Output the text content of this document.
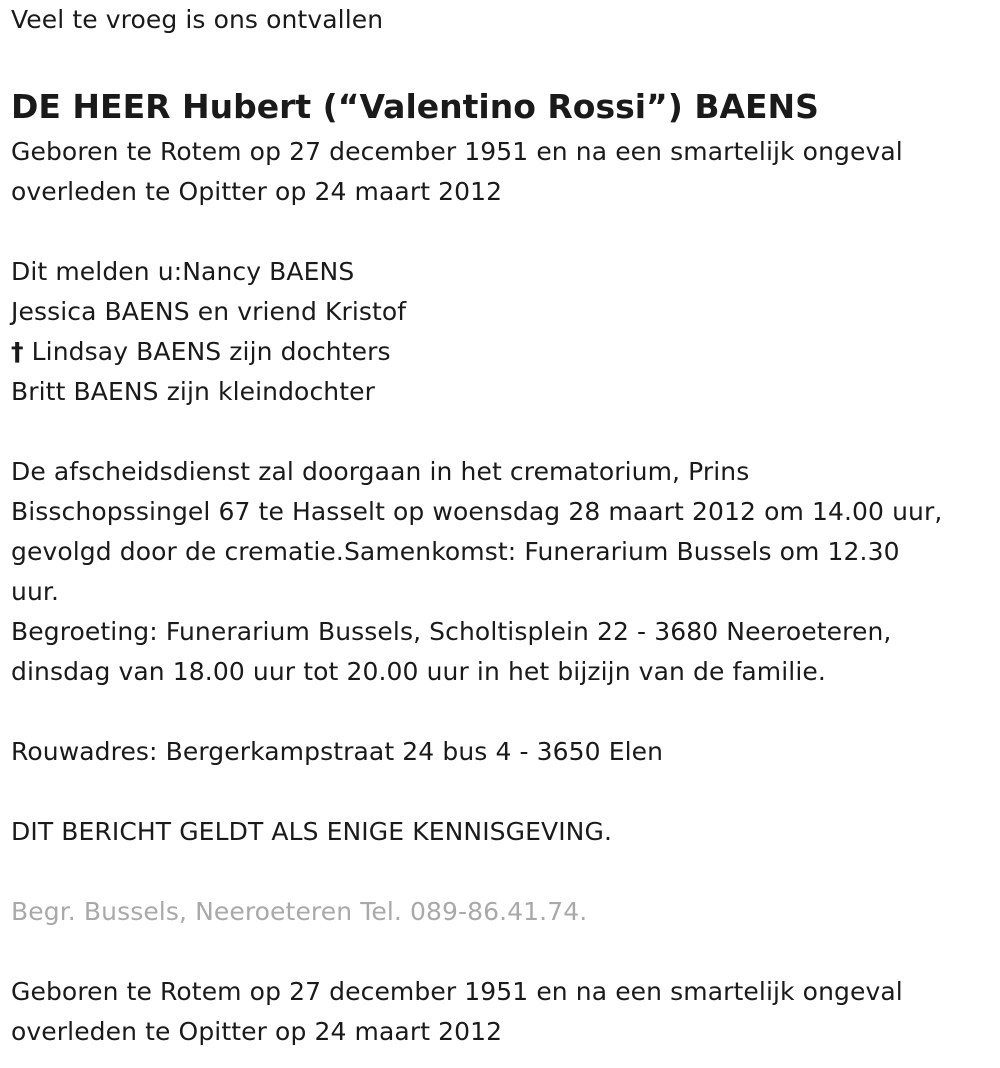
Veel te vroeg is ons ontvallen
DE HEER Hubert (“Valentino Rossi”) BAENS
Geboren te Rotem op 27 december 1951 en na een smartelijk ongeval
overleden te Opitter op 24 maart 2012
Dit melden u:Nancy BAENS
Jessica BAENS en vriend Kristof
† Lindsay BAENS zijn dochters
Britt BAENS zijn kleindochter
De afscheidsdienst zal doorgaan in het crematorium, Prins
Bisschopssingel 67 te Hasselt op woensdag 28 maart 2012 om 14.00 uur,
gevolgd door de crematie.Samenkomst: Funerarium Bussels om 12.30
uur.
Begroeting: Funerarium Bussels, Scholtisplein 22 - 3680 Neeroeteren,
dinsdag van 18.00 uur tot 20.00 uur in het bijzijn van de familie.
Rouwadres: Bergerkampstraat 24 bus 4 - 3650 Elen
DIT BERICHT GELDT ALS ENIGE KENNISGEVING.
Begr. Bussels, Neeroeteren Tel. 089-86.41.74.
Geboren te Rotem op 27 december 1951 en na een smartelijk ongeval
overleden te Opitter op 24 maart 2012
